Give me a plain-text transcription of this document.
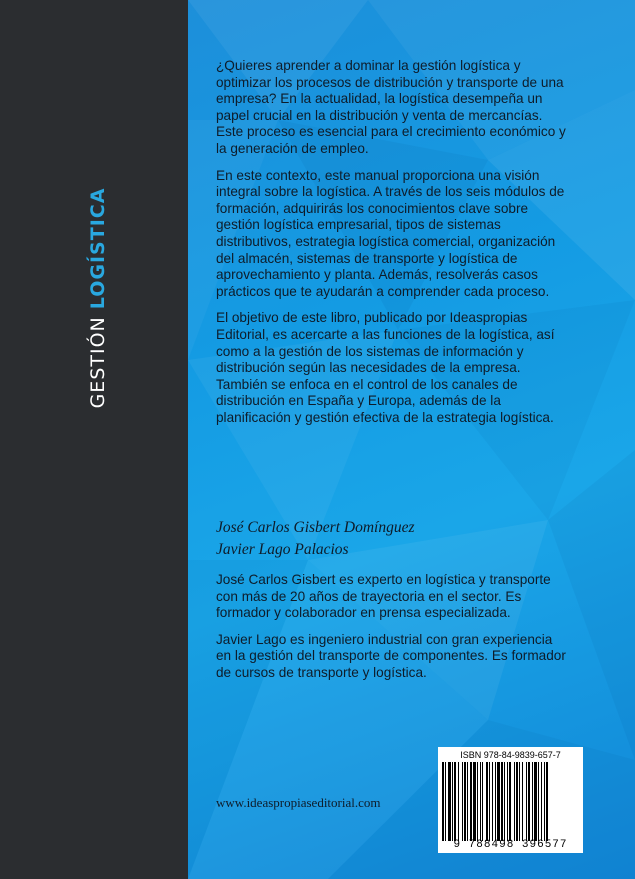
GESTIÓN LOGÍSTICA

¿Quieres aprender a dominar la gestión logística y optimizar los procesos de distribución y transporte de una empresa? En la actualidad, la logística desempeña un papel crucial en la distribución y venta de mercancías. Este proceso es esencial para el crecimiento económico y la generación de empleo.

En este contexto, este manual proporciona una visión integral sobre la logística. A través de los seis módulos de formación, adquirirás los conocimientos clave sobre gestión logística empresarial, tipos de sistemas distributivos, estrategia logística comercial, organización del almacén, sistemas de transporte y logística de aprovechamiento y planta. Además, resolverás casos prácticos que te ayudarán a comprender cada proceso.

El objetivo de este libro, publicado por Ideaspropias Editorial, es acercarte a las funciones de la logística, así como a la gestión de los sistemas de información y distribución según las necesidades de la empresa. También se enfoca en el control de los canales de distribución en España y Europa, además de la planificación y gestión efectiva de la estrategia logística.

José Carlos Gisbert Domínguez
Javier Lago Palacios

José Carlos Gisbert es experto en logística y transporte con más de 20 años de trayectoria en el sector. Es formador y colaborador en prensa especializada.

Javier Lago es ingeniero industrial con gran experiencia en la gestión del transporte de componentes. Es formador de cursos de transporte y logística.

www.ideaspropiaseditorial.com
ISBN 978-84-9839-657-7
9 788498 396577
